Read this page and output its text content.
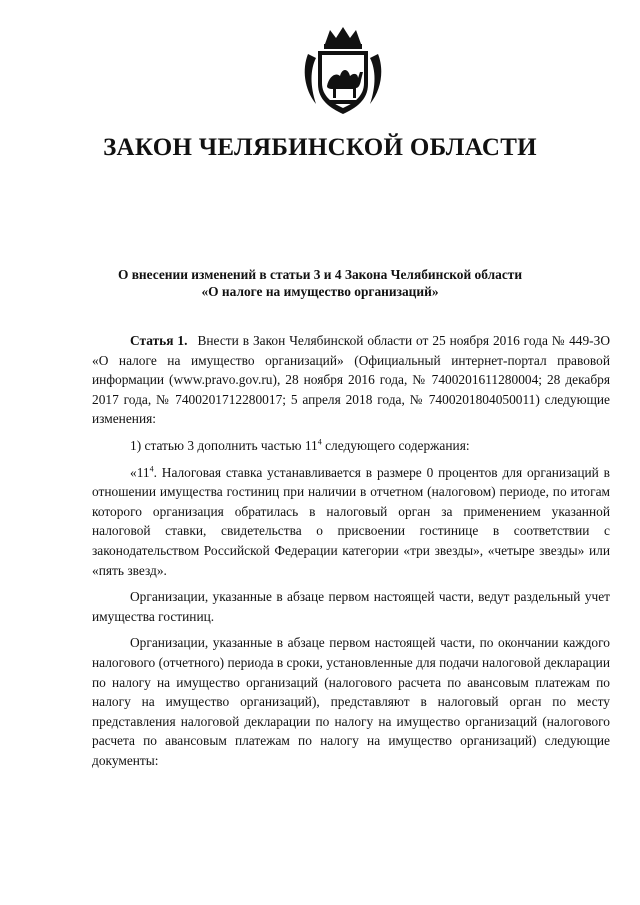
ЗАКОН ЧЕЛЯБИНСКОЙ ОБЛАСТИ
О внесении изменений в статьи 3 и 4 Закона Челябинской области
«О налоге на имущество организаций»

Статья 1. Внести в Закон Челябинской области от 25 ноября 2016 года № 449-ЗО «О налоге на имущество организаций» (Официальный интернет-портал правовой информации (www.pravo.gov.ru), 28 ноября 2016 года, № 7400201611280004; 28 декабря 2017 года, № 7400201712280017; 5 апреля 2018 года, № 7400201804050011) следующие изменения:

1) статью 3 дополнить частью $11^4$ следующего содержания:

«$11^4$. Налоговая ставка устанавливается в размере 0 процентов для организаций в отношении имущества гостиниц при наличии в отчетном (налоговом) периоде, по итогам которого организация обратилась в налоговый орган за применением указанной налоговой ставки, свидетельства о присвоении гостинице в соответствии с законодательством Российской Федерации категории «три звезды», «четыре звезды» или «пять звезд».

Организации, указанные в абзаце первом настоящей части, ведут раздельный учет имущества гостиниц.

Организации, указанные в абзаце первом настоящей части, по окончании каждого налогового (отчетного) периода в сроки, установленные для подачи налоговой декларации по налогу на имущество организаций (налогового расчета по авансовым платежам по налогу на имущество организаций), представляют в налоговый орган по месту представления налоговой декларации по налогу на имущество организаций (налогового расчета по авансовым платежам по налогу на имущество организаций) следующие документы:
